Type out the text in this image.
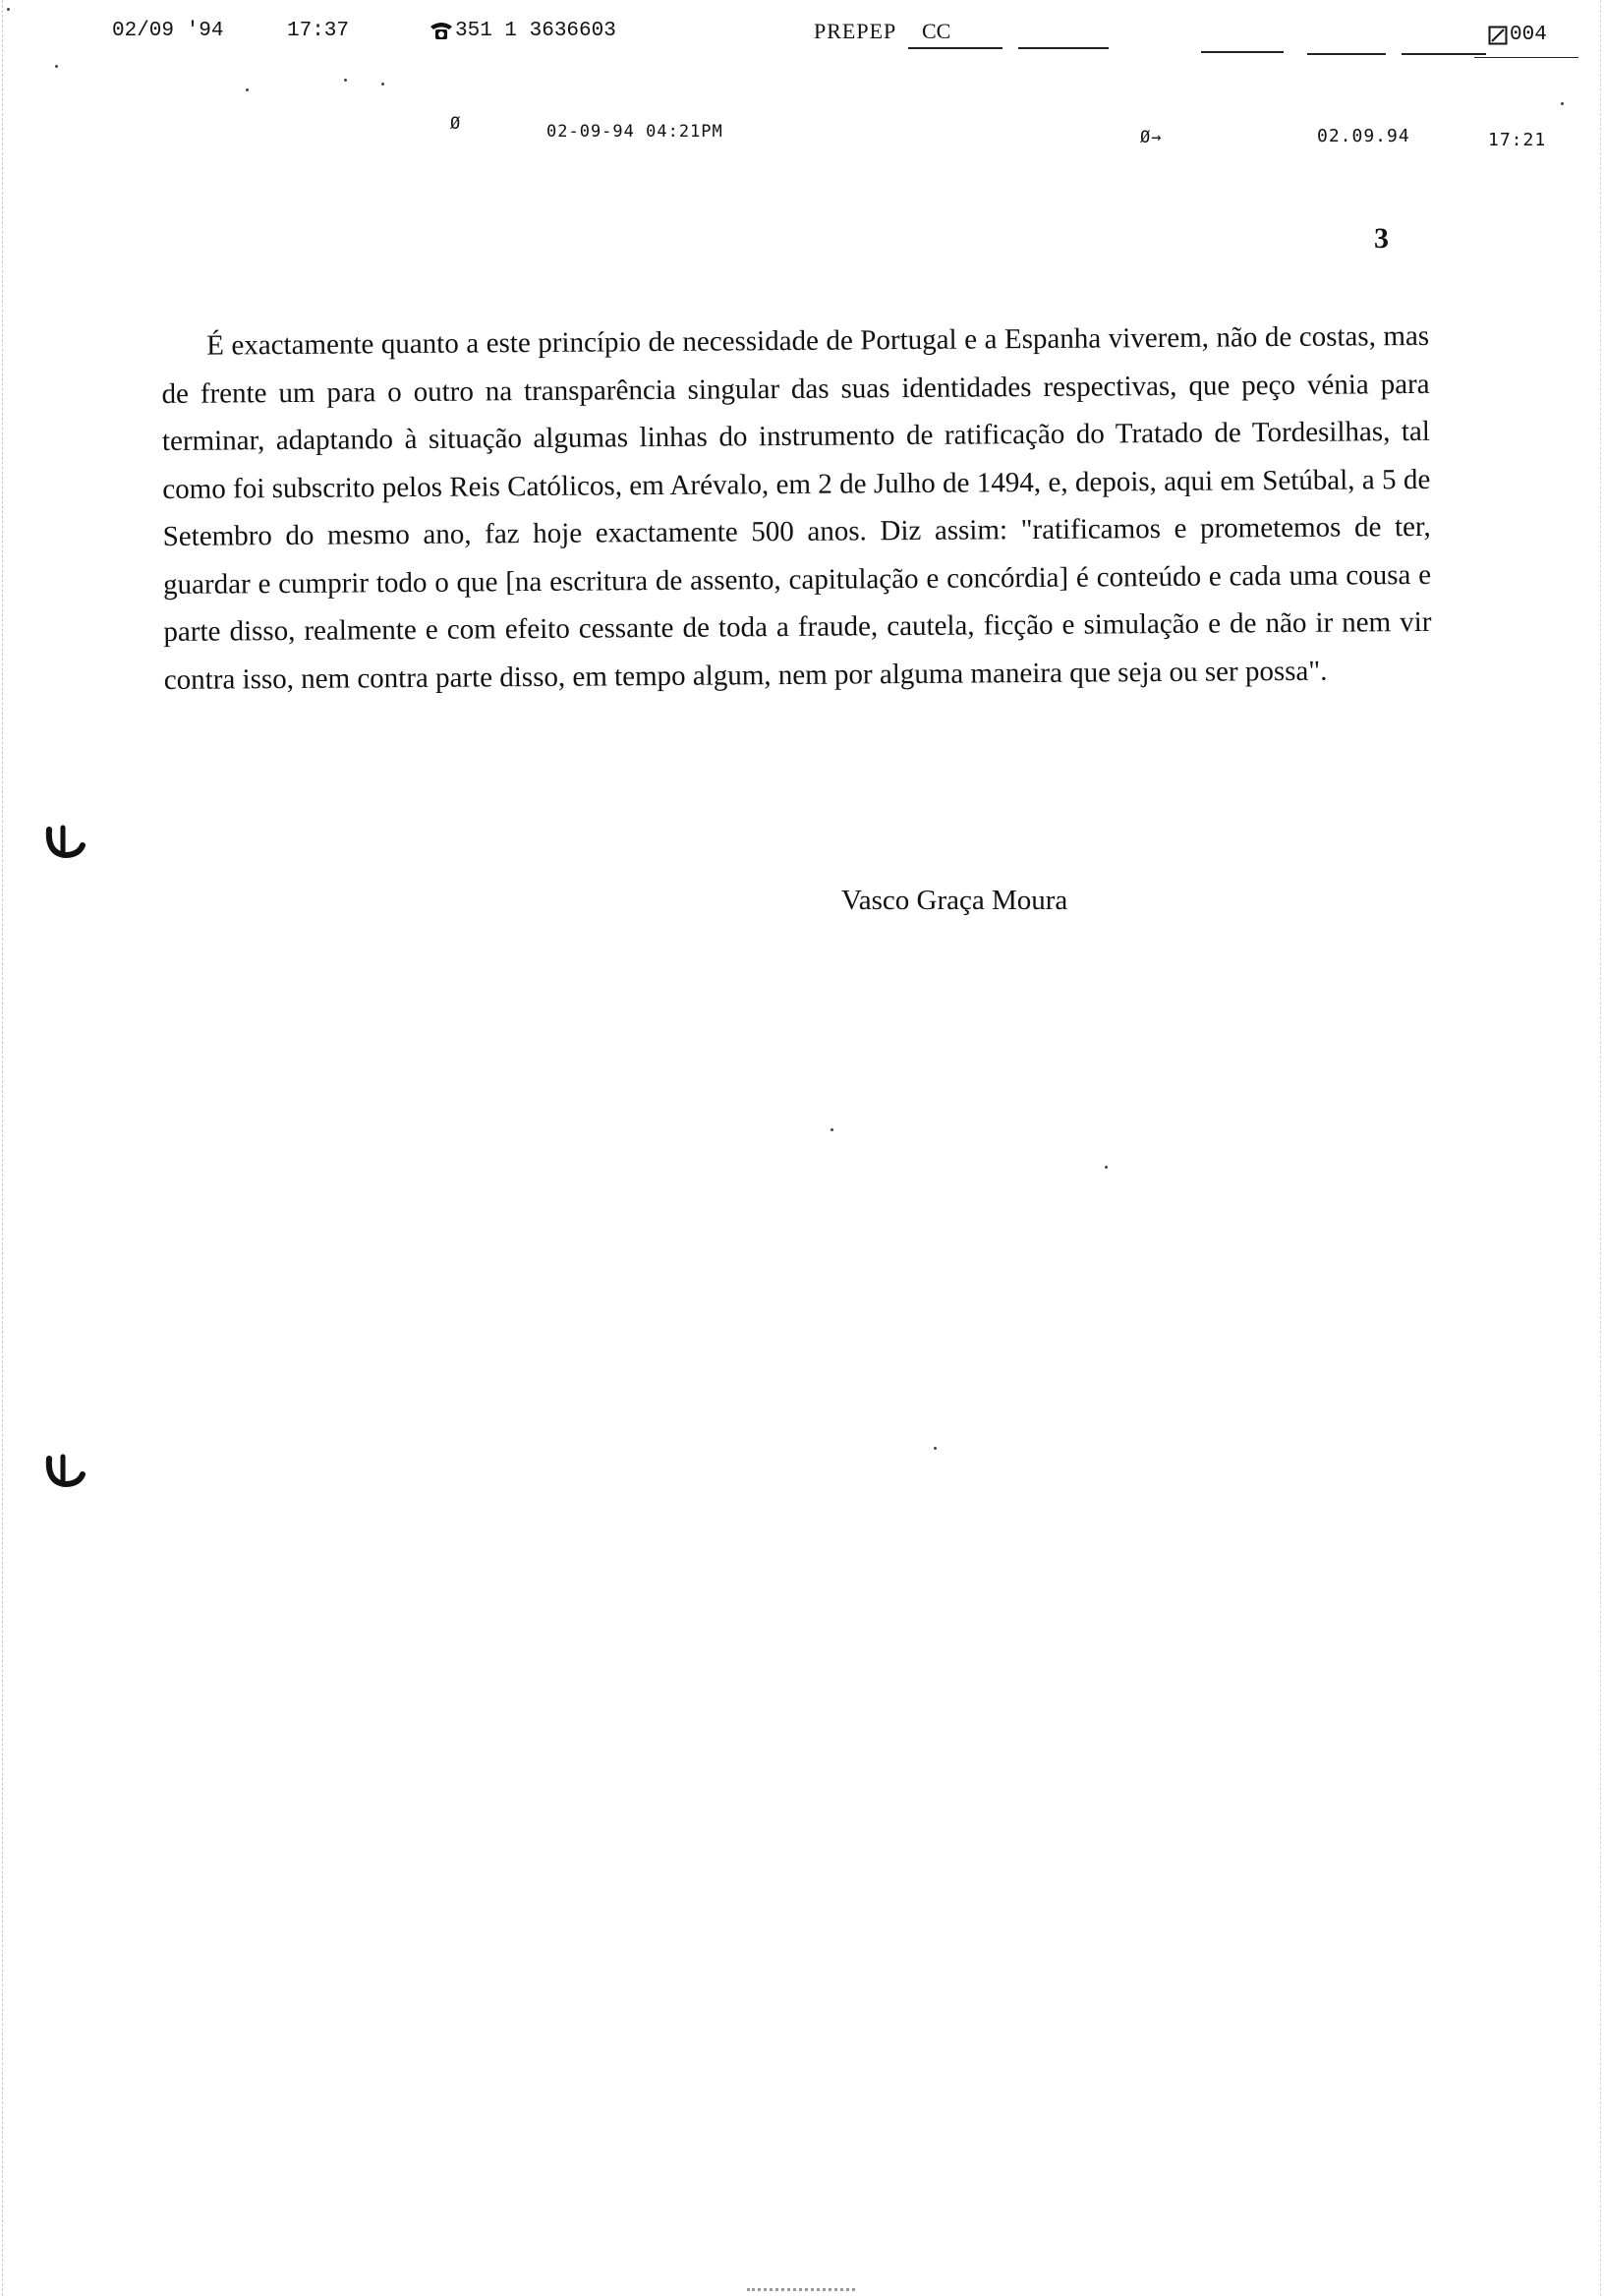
02/09 '94	17:37	351 1 3636603	PREPEP CC	004
Ø	02-09-94 04:21PM	Ø→	02.09.94	17:21
3

É exactamente quanto a este princípio de necessidade de Portugal e a Espanha viverem, não de costas, mas de frente um para o outro na transparência singular das suas identidades respectivas, que peço vénia para terminar, adaptando à situação algumas linhas do instrumento de ratificação do Tratado de Tordesilhas, tal como foi subscrito pelos Reis Católicos, em Arévalo, em 2 de Julho de 1494, e, depois, aqui em Setúbal, a 5 de Setembro do mesmo ano, faz hoje exactamente 500 anos. Diz assim: "ratificamos e prometemos de ter, guardar e cumprir todo o que [na escritura de assento, capitulação e concórdia] é conteúdo e cada uma cousa e parte disso, realmente e com efeito cessante de toda a fraude, cautela, ficção e simulação e de não ir nem vir contra isso, nem contra parte disso, em tempo algum, nem por alguma maneira que seja ou ser possa".

Vasco Graça Moura
